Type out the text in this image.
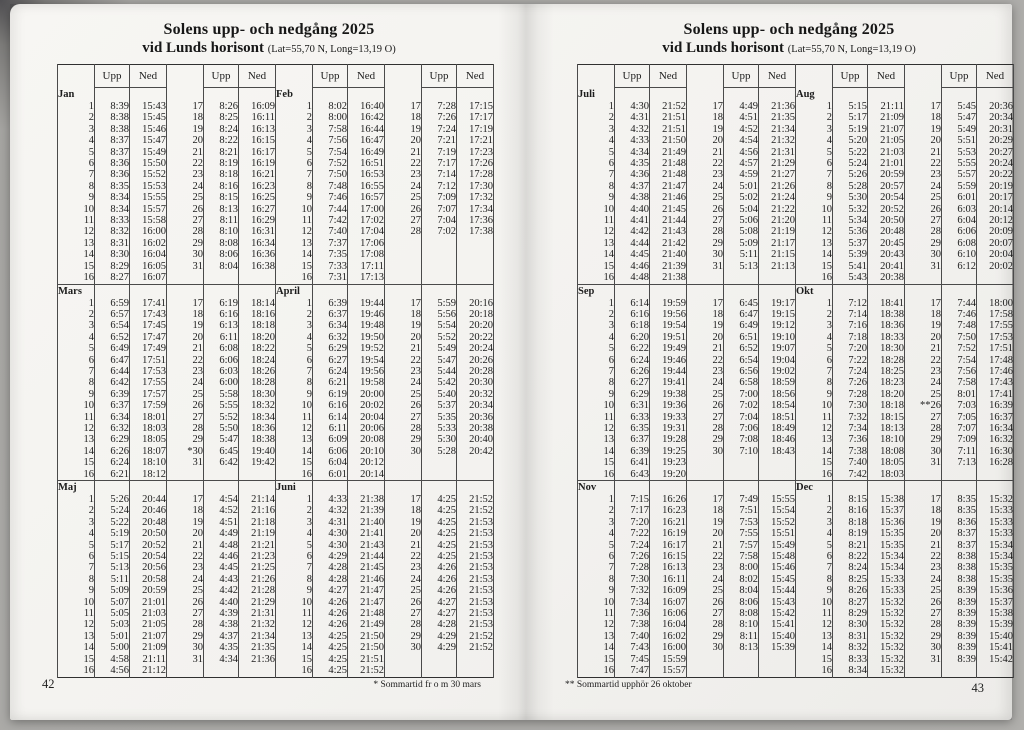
Solens upp- och nedgång 2025
vid Lunds horisont (Lat=55,70 N, Long=13,19 O)
	Upp	Ned		Upp	Ned		Upp	Ned		Upp	Ned
Jan						Feb					
1	8:39	15:43	17	8:26	16:09	1	8:02	16:40	17	7:28	17:15
2	8:38	15:45	18	8:25	16:11	2	8:00	16:42	18	7:26	17:17
3	8:38	15:46	19	8:24	16:13	3	7:58	16:44	19	7:24	17:19
4	8:37	15:47	20	8:22	16:15	4	7:56	16:47	20	7:21	17:21
5	8:37	15:49	21	8:21	16:17	5	7:54	16:49	21	7:19	17:23
6	8:36	15:50	22	8:19	16:19	6	7:52	16:51	22	7:17	17:26
7	8:36	15:52	23	8:18	16:21	7	7:50	16:53	23	7:14	17:28
8	8:35	15:53	24	8:16	16:23	8	7:48	16:55	24	7:12	17:30
9	8:34	15:55	25	8:15	16:25	9	7:46	16:57	25	7:09	17:32
10	8:34	15:57	26	8:13	16:27	10	7:44	17:00	26	7:07	17:34
11	8:33	15:58	27	8:11	16:29	11	7:42	17:02	27	7:04	17:36
12	8:32	16:00	28	8:10	16:31	12	7:40	17:04	28	7:02	17:38
13	8:31	16:02	29	8:08	16:34	13	7:37	17:06			
14	8:30	16:04	30	8:06	16:36	14	7:35	17:08			
15	8:29	16:05	31	8:04	16:38	15	7:33	17:11			
16	8:27	16:07				16	7:31	17:13			
Mars						April					
1	6:59	17:41	17	6:19	18:14	1	6:39	19:44	17	5:59	20:16
2	6:57	17:43	18	6:16	18:16	2	6:37	19:46	18	5:56	20:18
3	6:54	17:45	19	6:13	18:18	3	6:34	19:48	19	5:54	20:20
4	6:52	17:47	20	6:11	18:20	4	6:32	19:50	20	5:52	20:22
5	6:49	17:49	21	6:08	18:22	5	6:29	19:52	21	5:49	20:24
6	6:47	17:51	22	6:06	18:24	6	6:27	19:54	22	5:47	20:26
7	6:44	17:53	23	6:03	18:26	7	6:24	19:56	23	5:44	20:28
8	6:42	17:55	24	6:00	18:28	8	6:21	19:58	24	5:42	20:30
9	6:39	17:57	25	5:58	18:30	9	6:19	20:00	25	5:40	20:32
10	6:37	17:59	26	5:55	18:32	10	6:16	20:02	26	5:37	20:34
11	6:34	18:01	27	5:52	18:34	11	6:14	20:04	27	5:35	20:36
12	6:32	18:03	28	5:50	18:36	12	6:11	20:06	28	5:33	20:38
13	6:29	18:05	29	5:47	18:38	13	6:09	20:08	29	5:30	20:40
14	6:26	18:07	*30	6:45	19:40	14	6:06	20:10	30	5:28	20:42
15	6:24	18:10	31	6:42	19:42	15	6:04	20:12			
16	6:21	18:12				16	6:01	20:14			
Maj						Juni					
1	5:26	20:44	17	4:54	21:14	1	4:33	21:38	17	4:25	21:52
2	5:24	20:46	18	4:52	21:16	2	4:32	21:39	18	4:25	21:52
3	5:22	20:48	19	4:51	21:18	3	4:31	21:40	19	4:25	21:53
4	5:19	20:50	20	4:49	21:19	4	4:30	21:41	20	4:25	21:53
5	5:17	20:52	21	4:48	21:21	5	4:30	21:43	21	4:25	21:53
6	5:15	20:54	22	4:46	21:23	6	4:29	21:44	22	4:25	21:53
7	5:13	20:56	23	4:45	21:25	7	4:28	21:45	23	4:26	21:53
8	5:11	20:58	24	4:43	21:26	8	4:28	21:46	24	4:26	21:53
9	5:09	20:59	25	4:42	21:28	9	4:27	21:47	25	4:26	21:53
10	5:07	21:01	26	4:40	21:29	10	4:26	21:47	26	4:27	21:53
11	5:05	21:03	27	4:39	21:31	11	4:26	21:48	27	4:27	21:53
12	5:03	21:05	28	4:38	21:32	12	4:26	21:49	28	4:28	21:53
13	5:01	21:07	29	4:37	21:34	13	4:25	21:50	29	4:29	21:52
14	5:00	21:09	30	4:35	21:35	14	4:25	21:50	30	4:29	21:52
15	4:58	21:11	31	4:34	21:36	15	4:25	21:51			
16	4:56	21:12				16	4:25	21:52			
* Sommartid fr o m 30 mars
42
Solens upp- och nedgång 2025
vid Lunds horisont (Lat=55,70 N, Long=13,19 O)
	Upp	Ned		Upp	Ned		Upp	Ned		Upp	Ned
Juli						Aug					
1	4:30	21:52	17	4:49	21:36	1	5:15	21:11	17	5:45	20:36
2	4:31	21:51	18	4:51	21:35	2	5:17	21:09	18	5:47	20:34
3	4:32	21:51	19	4:52	21:34	3	5:19	21:07	19	5:49	20:31
4	4:33	21:50	20	4:54	21:32	4	5:20	21:05	20	5:51	20:29
5	4:34	21:49	21	4:56	21:31	5	5:22	21:03	21	5:53	20:27
6	4:35	21:48	22	4:57	21:29	6	5:24	21:01	22	5:55	20:24
7	4:36	21:48	23	4:59	21:27	7	5:26	20:59	23	5:57	20:22
8	4:37	21:47	24	5:01	21:26	8	5:28	20:57	24	5:59	20:19
9	4:38	21:46	25	5:02	21:24	9	5:30	20:54	25	6:01	20:17
10	4:40	21:45	26	5:04	21:22	10	5:32	20:52	26	6:03	20:14
11	4:41	21:44	27	5:06	21:20	11	5:34	20:50	27	6:04	20:12
12	4:42	21:43	28	5:08	21:19	12	5:36	20:48	28	6:06	20:09
13	4:44	21:42	29	5:09	21:17	13	5:37	20:45	29	6:08	20:07
14	4:45	21:40	30	5:11	21:15	14	5:39	20:43	30	6:10	20:04
15	4:46	21:39	31	5:13	21:13	15	5:41	20:41	31	6:12	20:02
16	4:48	21:38				16	5:43	20:38			
Sep						Okt					
1	6:14	19:59	17	6:45	19:17	1	7:12	18:41	17	7:44	18:00
2	6:16	19:56	18	6:47	19:15	2	7:14	18:38	18	7:46	17:58
3	6:18	19:54	19	6:49	19:12	3	7:16	18:36	19	7:48	17:55
4	6:20	19:51	20	6:51	19:10	4	7:18	18:33	20	7:50	17:53
5	6:22	19:49	21	6:52	19:07	5	7:20	18:30	21	7:52	17:51
6	6:24	19:46	22	6:54	19:04	6	7:22	18:28	22	7:54	17:48
7	6:26	19:44	23	6:56	19:02	7	7:24	18:25	23	7:56	17:46
8	6:27	19:41	24	6:58	18:59	8	7:26	18:23	24	7:58	17:43
9	6:29	19:38	25	7:00	18:56	9	7:28	18:20	25	8:01	17:41
10	6:31	19:36	26	7:02	18:54	10	7:30	18:18	**26	7:03	16:39
11	6:33	19:33	27	7:04	18:51	11	7:32	18:15	27	7:05	16:37
12	6:35	19:31	28	7:06	18:49	12	7:34	18:13	28	7:07	16:34
13	6:37	19:28	29	7:08	18:46	13	7:36	18:10	29	7:09	16:32
14	6:39	19:25	30	7:10	18:43	14	7:38	18:08	30	7:11	16:30
15	6:41	19:23				15	7:40	18:05	31	7:13	16:28
16	6:43	19:20				16	7:42	18:03			
Nov						Dec					
1	7:15	16:26	17	7:49	15:55	1	8:15	15:38	17	8:35	15:32
2	7:17	16:23	18	7:51	15:54	2	8:16	15:37	18	8:35	15:33
3	7:20	16:21	19	7:53	15:52	3	8:18	15:36	19	8:36	15:33
4	7:22	16:19	20	7:55	15:51	4	8:19	15:35	20	8:37	15:33
5	7:24	16:17	21	7:57	15:49	5	8:21	15:35	21	8:37	15:34
6	7:26	16:15	22	7:58	15:48	6	8:22	15:34	22	8:38	15:34
7	7:28	16:13	23	8:00	15:46	7	8:24	15:34	23	8:38	15:35
8	7:30	16:11	24	8:02	15:45	8	8:25	15:33	24	8:38	15:35
9	7:32	16:09	25	8:04	15:44	9	8:26	15:33	25	8:39	15:36
10	7:34	16:07	26	8:06	15:43	10	8:27	15:32	26	8:39	15:37
11	7:36	16:06	27	8:08	15:42	11	8:29	15:32	27	8:39	15:38
12	7:38	16:04	28	8:10	15:41	12	8:30	15:32	28	8:39	15:39
13	7:40	16:02	29	8:11	15:40	13	8:31	15:32	29	8:39	15:40
14	7:43	16:00	30	8:13	15:39	14	8:32	15:32	30	8:39	15:41
15	7:45	15:59				15	8:33	15:32	31	8:39	15:42
16	7:47	15:57				16	8:34	15:32			
** Sommartid upphör 26 oktober	43
